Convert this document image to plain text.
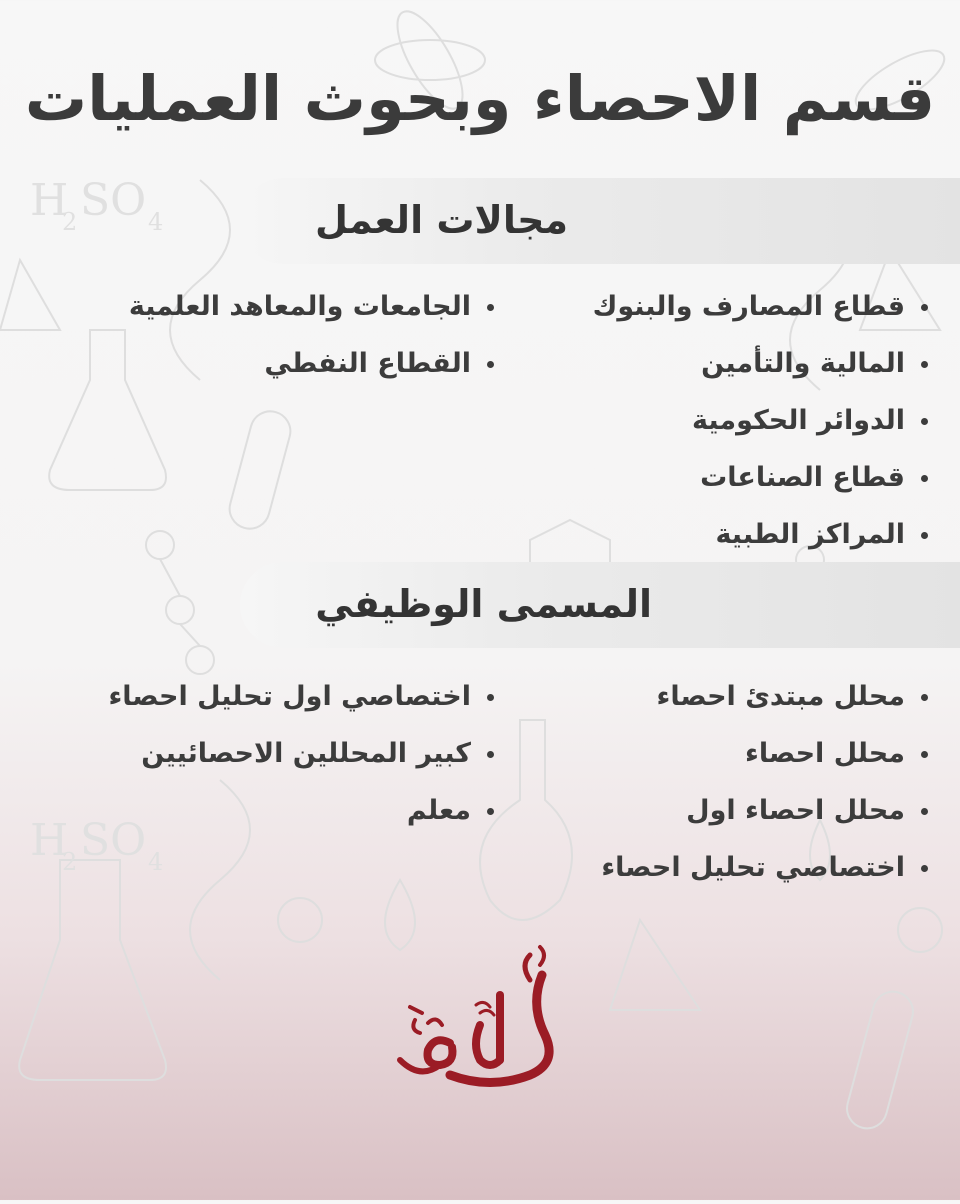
H
2 SO 4
H
2 SO 4
قسم الاحصاء وبحوث العمليات
مجالات العمل
قطاع المصارف والبنوك
المالية والتأمين
الدوائر الحكومية
قطاع الصناعات
المراكز الطبية
الجامعات والمعاهد العلمية
القطاع النفطي
المسمى الوظيفي
محلل مبتدئ احصاء
محلل احصاء
محلل احصاء اول
اختصاصي تحليل احصاء
اختصاصي اول تحليل احصاء
كبير المحللين الاحصائيين
معلم
